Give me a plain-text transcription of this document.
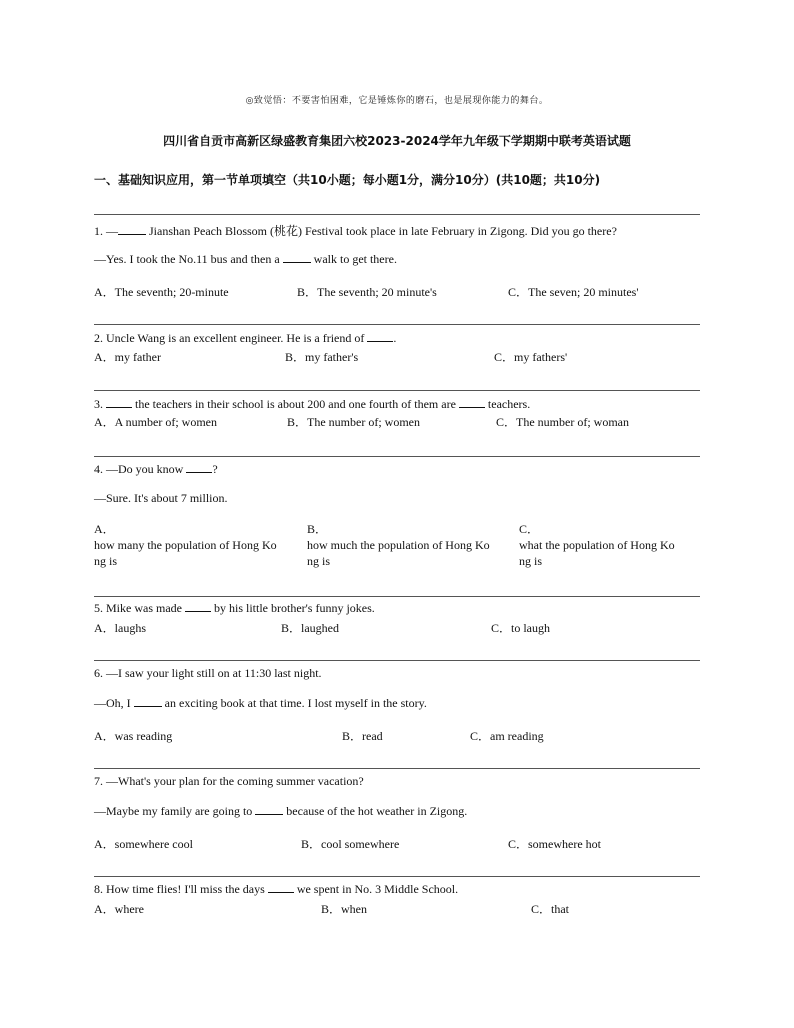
◎致觉悟：不要害怕困难，它是锤炼你的磨石，也是展现你能力的舞台。
四川省自贡市高新区绿盛教育集团六校2023-2024学年九年级下学期期中联考英语试题
一、基础知识应用，第一节单项填空（共10小题；每小题1分，满分10分）(共10题；共10分)
1. — Jianshan Peach Blossom (桃花) Festival took place in late February in Zigong. Did you go there?
—Yes. I took the No.11 bus and then a  walk to get there.
A．The seventh; 20-minute	B．The seventh; 20 minute's	C．The seven; 20 minutes'
2. Uncle Wang is an excellent engineer. He is a friend of .
A．my father	B．my father's	C．my fathers'
3.  the teachers in their school is about 200 and one fourth of them are  teachers.
A．A number of; women	B．The number of; women	C．The number of; woman
4. —Do you know ?
—Sure. It's about 7 million.
A．
how many the population of Hong Ko
ng is
B．
how much the population of Hong Ko
ng is
C．
what the population of Hong Ko
ng is
5. Mike was made  by his little brother's funny jokes.
A．laughs	B．laughed	C．to laugh
6. —I saw your light still on at 11:30 last night.
—Oh, I  an exciting book at that time. I lost myself in the story.
A．was reading	B．read	C．am reading
7. —What's your plan for the coming summer vacation?
—Maybe my family are going to  because of the hot weather in Zigong.
A．somewhere cool	B．cool somewhere	C．somewhere hot
8. How time flies! I'll miss the days  we spent in No. 3 Middle School.
A．where	B．when	C．that
